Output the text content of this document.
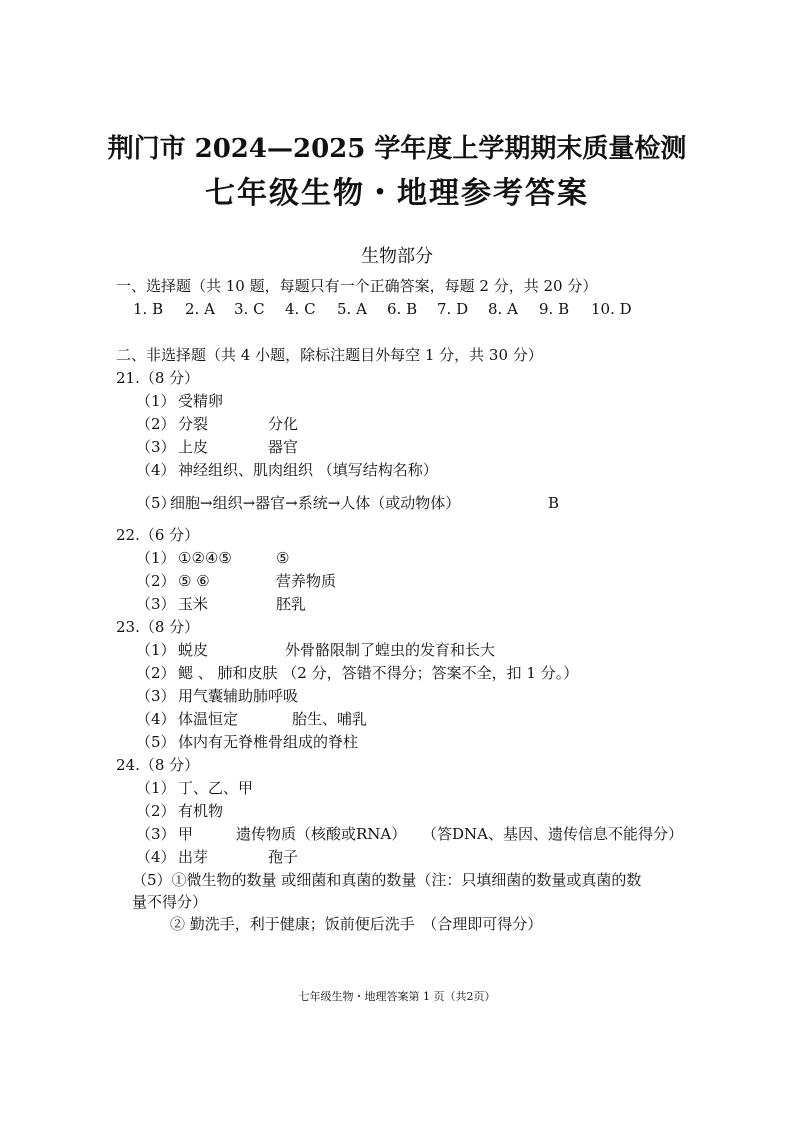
荆门市 2024—2025 学年度上学期期末质量检测
七年级生物・地理参考答案
生物部分
一、选择题（共 10 题，每题只有一个正确答案，每题 2 分，共 20 分）
1. B 2. A 3. C 4. C 5. A 6. B 7. D 8. A 9. B 10. D
二、非选择题（共 4 小题，除标注题目外每空 1 分，共 30 分）
21.（8 分）
（1） 受精卵
（2） 分裂	分化
（3） 上皮	器官
（4） 神经组织、肌肉组织 （填写结构名称）
（5）
细胞→组织→器官→系统→人体（或动物体）	B
22.（6 分）
（1） ①②④⑤	⑤
（2） ⑤ ⑥	营养物质
（3） 玉米	胚乳
23.（8 分）
（1） 蜕皮	外骨骼限制了蝗虫的发育和长大
（2） 鳃 、 肺和皮肤 （2 分，答错不得分；答案不全，扣 1 分。）
（3） 用气囊辅助肺呼吸
（4） 体温恒定	胎生、哺乳
（5） 体内有无脊椎骨组成的脊柱
24.（8 分）
（1） 丁、乙、甲
（2） 有机物
（3） 甲	遗传物质（核酸或RNA） （答DNA、基因、遗传信息不能得分）
（4） 出芽	孢子
（5）①微生物的数量 或细菌和真菌的数量（注：只填细菌的数量或真菌的数
量不得分）
② 勤洗手，利于健康；饭前便后洗手　（合理即可得分）
七年级生物・地理答案第 1 页（共2页）
